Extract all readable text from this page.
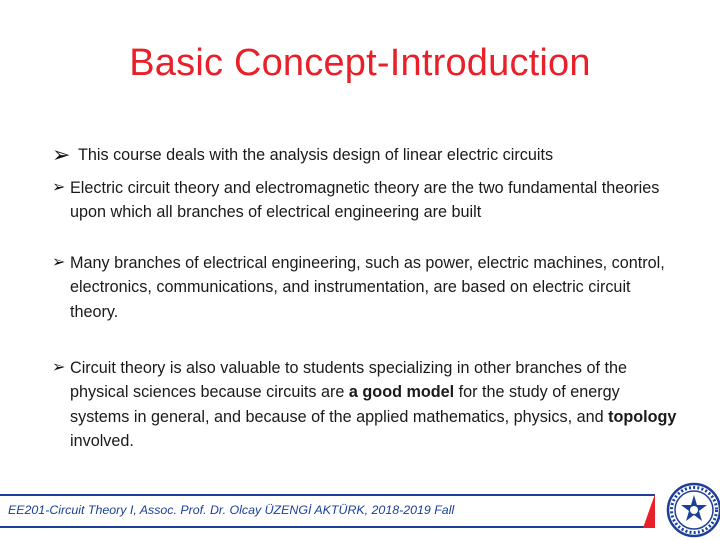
Basic Concept-Introduction
➢ This course deals with the analysis design of linear electric circuits
➢ Electric circuit theory and electromagnetic theory are the two fundamental theories upon which all branches of electrical engineering are built
➢ Many branches of electrical engineering, such as power, electric machines, control, electronics, communications, and instrumentation, are based on electric circuit theory.
➢ Circuit theory is also valuable to students specializing in other branches of the physical sciences because circuits are a good model for the study of energy systems in general, and because of the applied mathematics, physics, and topology involved.
EE201-Circuit Theory I, Assoc. Prof. Dr. Olcay ÜZENGİ AKTÜRK, 2018-2019 Fall
